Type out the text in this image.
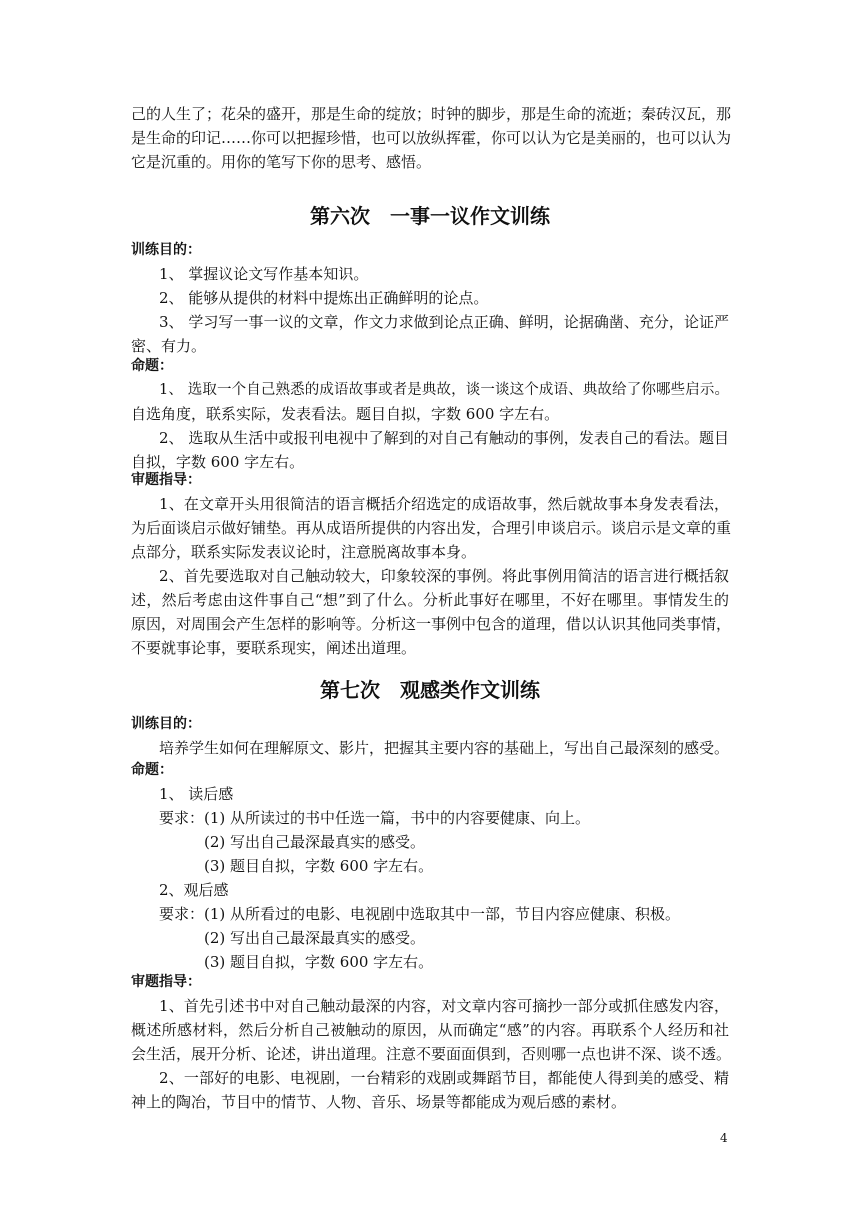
己的人生了；花朵的盛开，那是生命的绽放；时钟的脚步，那是生命的流逝；秦砖汉瓦，那
是生命的印记……你可以把握珍惜，也可以放纵挥霍，你可以认为它是美丽的，也可以认为
它是沉重的。用你的笔写下你的思考、感悟。
第六次　一事一议作文训练
训练目的：
1、 掌握议论文写作基本知识。
2、 能够从提供的材料中提炼出正确鲜明的论点。
3、 学习写一事一议的文章，作文力求做到论点正确、鲜明，论据确凿、充分，论证严
密、有力。
命题：
1、 选取一个自己熟悉的成语故事或者是典故，谈一谈这个成语、典故给了你哪些启示。
自选角度，联系实际，发表看法。题目自拟，字数 600 字左右。
2、 选取从生活中或报刊电视中了解到的对自己有触动的事例，发表自己的看法。题目
自拟，字数 600 字左右。
审题指导：
1、在文章开头用很简洁的语言概括介绍选定的成语故事，然后就故事本身发表看法，
为后面谈启示做好铺垫。再从成语所提供的内容出发，合理引申谈启示。谈启示是文章的重
点部分，联系实际发表议论时，注意脱离故事本身。
2、首先要选取对自己触动较大，印象较深的事例。将此事例用简洁的语言进行概括叙
述，然后考虑由这件事自己“想”到了什么。分析此事好在哪里，不好在哪里。事情发生的
原因，对周围会产生怎样的影响等。分析这一事例中包含的道理，借以认识其他同类事情，
不要就事论事，要联系现实，阐述出道理。
第七次　观感类作文训练
训练目的：
培养学生如何在理解原文、影片，把握其主要内容的基础上，写出自己最深刻的感受。
命题：
1、 读后感
要求：(1) 从所读过的书中任选一篇，书中的内容要健康、向上。
(2) 写出自己最深最真实的感受。
(3) 题目自拟，字数 600 字左右。
2、观后感
要求：(1) 从所看过的电影、电视剧中选取其中一部，节目内容应健康、积极。
(2) 写出自己最深最真实的感受。
(3) 题目自拟，字数 600 字左右。
审题指导：
1、首先引述书中对自己触动最深的内容，对文章内容可摘抄一部分或抓住感发内容，
概述所感材料，然后分析自己被触动的原因，从而确定“感”的内容。再联系个人经历和社
会生活，展开分析、论述，讲出道理。注意不要面面俱到，否则哪一点也讲不深、谈不透。
2、一部好的电影、电视剧，一台精彩的戏剧或舞蹈节目，都能使人得到美的感受、精
神上的陶冶，节目中的情节、人物、音乐、场景等都能成为观后感的素材。
4
